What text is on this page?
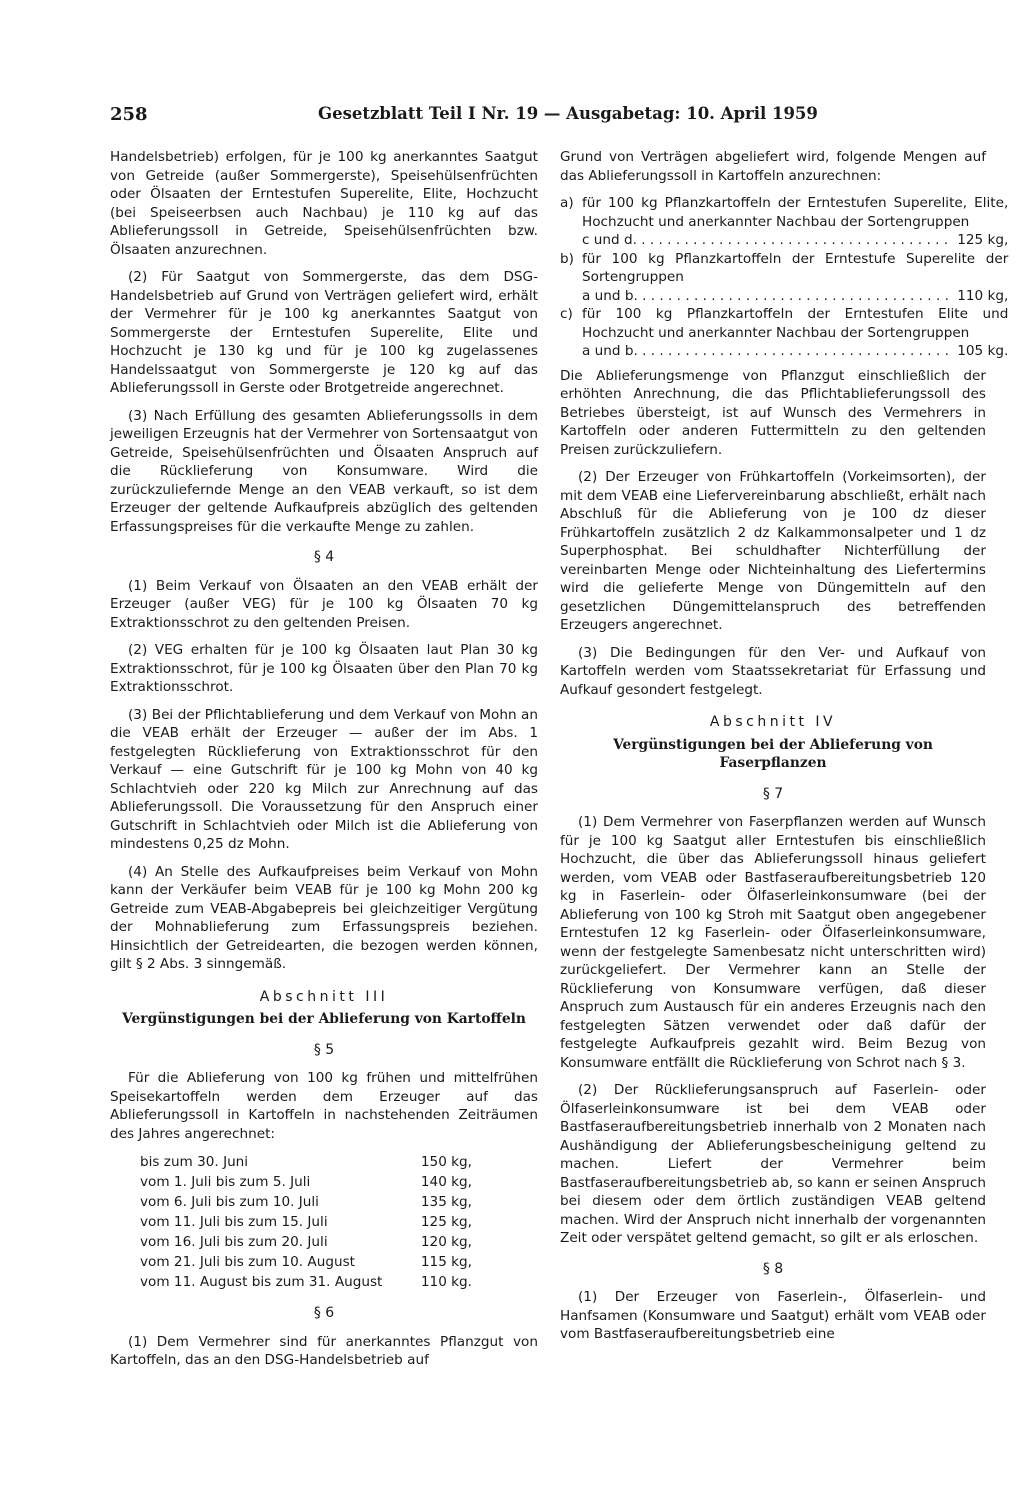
258	Gesetzblatt Teil I Nr. 19 — Ausgabetag: 10. April 1959

Handelsbetrieb) erfolgen, für je 100 kg anerkanntes Saatgut von Getreide (außer Sommergerste), Speisehülsenfrüchten oder Ölsaaten der Erntestufen Superelite, Elite, Hochzucht (bei Speiseerbsen auch Nachbau) je 110 kg auf das Ablieferungssoll in Getreide, Speisehülsenfrüchten bzw. Ölsaaten anzurechnen.

(2) Für Saatgut von Sommergerste, das dem DSG-Handelsbetrieb auf Grund von Verträgen geliefert wird, erhält der Vermehrer für je 100 kg anerkanntes Saatgut von Sommergerste der Erntestufen Superelite, Elite und Hochzucht je 130 kg und für je 100 kg zugelassenes Handelssaatgut von Sommergerste je 120 kg auf das Ablieferungssoll in Gerste oder Brotgetreide angerechnet.

(3) Nach Erfüllung des gesamten Ablieferungssolls in dem jeweiligen Erzeugnis hat der Vermehrer von Sortensaatgut von Getreide, Speisehülsenfrüchten und Ölsaaten Anspruch auf die Rücklieferung von Konsumware. Wird die zurückzuliefernde Menge an den VEAB verkauft, so ist dem Erzeuger der geltende Aufkaufpreis abzüglich des geltenden Erfassungspreises für die verkaufte Menge zu zahlen.

§ 4

(1) Beim Verkauf von Ölsaaten an den VEAB erhält der Erzeuger (außer VEG) für je 100 kg Ölsaaten 70 kg Extraktionsschrot zu den geltenden Preisen.

(2) VEG erhalten für je 100 kg Ölsaaten laut Plan 30 kg Extraktionsschrot, für je 100 kg Ölsaaten über den Plan 70 kg Extraktionsschrot.

(3) Bei der Pflichtablieferung und dem Verkauf von Mohn an die VEAB erhält der Erzeuger — außer der im Abs. 1 festgelegten Rücklieferung von Extraktionsschrot für den Verkauf — eine Gutschrift für je 100 kg Mohn von 40 kg Schlachtvieh oder 220 kg Milch zur Anrechnung auf das Ablieferungssoll. Die Voraussetzung für den Anspruch einer Gutschrift in Schlachtvieh oder Milch ist die Ablieferung von mindestens 0,25 dz Mohn.

(4) An Stelle des Aufkaufpreises beim Verkauf von Mohn kann der Verkäufer beim VEAB für je 100 kg Mohn 200 kg Getreide zum VEAB-Abgabepreis bei gleichzeitiger Vergütung der Mohnablieferung zum Erfassungspreis beziehen. Hinsichtlich der Getreidearten, die bezogen werden können, gilt § 2 Abs. 3 sinngemäß.

Abschnitt III
Vergünstigungen bei der Ablieferung von Kartoffeln
§ 5

Für die Ablieferung von 100 kg frühen und mittelfrühen Speisekartoffeln werden dem Erzeuger auf das Ablieferungssoll in Kartoffeln in nachstehenden Zeiträumen des Jahres angerechnet:

bis zum 30. Juni	150 kg,
vom 1. Juli bis zum 5. Juli	140 kg,
vom 6. Juli bis zum 10. Juli	135 kg,
vom 11. Juli bis zum 15. Juli	125 kg,
vom 16. Juli bis zum 20. Juli	120 kg,
vom 21. Juli bis zum 10. August	115 kg,
vom 11. August bis zum 31. August	110 kg.
§ 6

(1) Dem Vermehrer sind für anerkanntes Pflanzgut von Kartoffeln, das an den DSG-Handelsbetrieb auf

Grund von Verträgen abgeliefert wird, folgende Mengen auf das Ablieferungssoll in Kartoffeln anzurechnen:

a) für 100 kg Pflanzkartoffeln der Erntestufen Superelite, Elite, Hochzucht und anerkannter Nachbau der Sortengruppen
c und d . . .	125 kg,
b) für 100 kg Pflanzkartoffeln der Erntestufe Superelite der Sortengruppen
a und b . . .	110 kg,
c) für 100 kg Pflanzkartoffeln der Erntestufen Elite und Hochzucht und anerkannter Nachbau der Sortengruppen
a und b . . .	105 kg.

Die Ablieferungsmenge von Pflanzgut einschließlich der erhöhten Anrechnung, die das Pflichtablieferungssoll des Betriebes übersteigt, ist auf Wunsch des Vermehrers in Kartoffeln oder anderen Futtermitteln zu den geltenden Preisen zurückzuliefern.

(2) Der Erzeuger von Frühkartoffeln (Vorkeimsorten), der mit dem VEAB eine Liefervereinbarung abschließt, erhält nach Abschluß für die Ablieferung von je 100 dz dieser Frühkartoffeln zusätzlich 2 dz Kalkammonsalpeter und 1 dz Superphosphat. Bei schuldhafter Nichterfüllung der vereinbarten Menge oder Nichteinhaltung des Liefertermins wird die gelieferte Menge von Düngemitteln auf den gesetzlichen Düngemittelanspruch des betreffenden Erzeugers angerechnet.

(3) Die Bedingungen für den Ver- und Aufkauf von Kartoffeln werden vom Staatssekretariat für Erfassung und Aufkauf gesondert festgelegt.

Abschnitt IV
Vergünstigungen bei der Ablieferung von Faserpflanzen
§ 7

(1) Dem Vermehrer von Faserpflanzen werden auf Wunsch für je 100 kg Saatgut aller Erntestufen bis einschließlich Hochzucht, die über das Ablieferungssoll hinaus geliefert werden, vom VEAB oder Bastfaseraufbereitungsbetrieb 120 kg in Faserlein- oder Ölfaserleinkonsumware (bei der Ablieferung von 100 kg Stroh mit Saatgut oben angegebener Erntestufen 12 kg Faserlein- oder Ölfaserleinkonsumware, wenn der festgelegte Samenbesatz nicht unterschritten wird) zurückgeliefert. Der Vermehrer kann an Stelle der Rücklieferung von Konsumware verfügen, daß dieser Anspruch zum Austausch für ein anderes Erzeugnis nach den festgelegten Sätzen verwendet oder daß dafür der festgelegte Aufkaufpreis gezahlt wird. Beim Bezug von Konsumware entfällt die Rücklieferung von Schrot nach § 3.

(2) Der Rücklieferungsanspruch auf Faserlein- oder Ölfaserleinkonsumware ist bei dem VEAB oder Bastfaseraufbereitungsbetrieb innerhalb von 2 Monaten nach Aushändigung der Ablieferungsbescheinigung geltend zu machen. Liefert der Vermehrer beim Bastfaseraufbereitungsbetrieb ab, so kann er seinen Anspruch bei diesem oder dem örtlich zuständigen VEAB geltend machen. Wird der Anspruch nicht innerhalb der vorgenannten Zeit oder verspätet geltend gemacht, so gilt er als erloschen.

§ 8

(1) Der Erzeuger von Faserlein-, Ölfaserlein- und Hanfsamen (Konsumware und Saatgut) erhält vom VEAB oder vom Bastfaseraufbereitungsbetrieb eine
